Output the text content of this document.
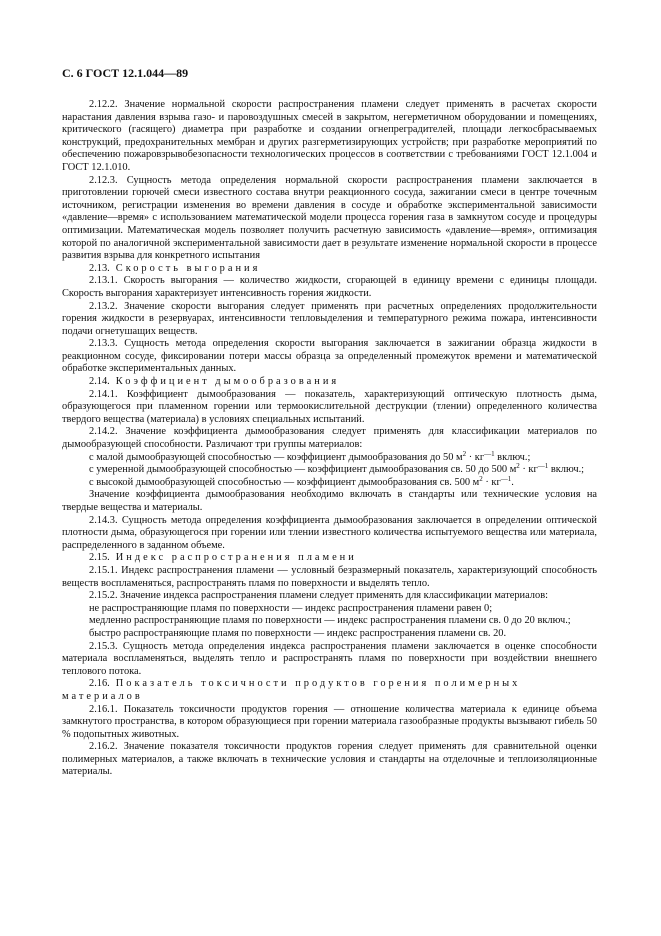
С. 6 ГОСТ 12.1.044—89

2.12.2. Значение нормальной скорости распространения пламени следует применять в расчетах скорости нарастания давления взрыва газо- и паровоздушных смесей в закрытом, негерметичном оборудовании и помещениях, критического (гасящего) диаметра при разработке и создании огнепреградителей, площади легкосбрасываемых конструкций, предохранительных мембран и других разгерметизирующих устройств; при разработке мероприятий по обеспечению пожаровзрывобезопасности технологических процессов в соответствии с требованиями ГОСТ 12.1.004 и ГОСТ 12.1.010.

2.12.3. Сущность метода определения нормальной скорости распространения пламени заключается в приготовлении горючей смеси известного состава внутри реакционного сосуда, зажигании смеси в центре точечным источником, регистрации изменения во времени давления в сосуде и обработке экспериментальной зависимости «давление—время» с использованием математической модели процесса горения газа в замкнутом сосуде и процедуры оптимизации. Математическая модель позволяет получить расчетную зависимость «давление—время», оптимизация которой по аналогичной экспериментальной зависимости дает в результате изменение нормальной скорости в процессе развития взрыва для конкретного испытания

2.13. Скорость выгорания

2.13.1. Скорость выгорания — количество жидкости, сгорающей в единицу времени с единицы площади. Скорость выгорания характеризует интенсивность горения жидкости.

2.13.2. Значение скорости выгорания следует применять при расчетных определениях продолжительности горения жидкости в резервуарах, интенсивности тепловыделения и температурного режима пожара, интенсивности подачи огнетушащих веществ.

2.13.3. Сущность метода определения скорости выгорания заключается в зажигании образца жидкости в реакционном сосуде, фиксировании потери массы образца за определенный промежуток времени и математической обработке экспериментальных данных.

2.14. Коэффициент дымообразования

2.14.1. Коэффициент дымообразования — показатель, характеризующий оптическую плотность дыма, образующегося при пламенном горении или термоокислительной деструкции (тлении) определенного количества твердого вещества (материала) в условиях специальных испытаний.

2.14.2. Значение коэффициента дымообразования следует применять для классификации материалов по дымообразующей способности. Различают три группы материалов:

с малой дымообразующей способностью — коэффициент дымообразования до 50 $м^2 \cdot кг^{—1}$ включ.;

с умеренной дымообразующей способностью — коэффициент дымообразования св. 50 до 500 $м^2 \cdot кг^{—1}$ включ.;

с высокой дымообразующей способностью — коэффициент дымообразования св. 500 $м^2 \cdot кг^{—1}$.

Значение коэффициента дымообразования необходимо включать в стандарты или технические условия на твердые вещества и материалы.

2.14.3. Сущность метода определения коэффициента дымообразования заключается в определении оптической плотности дыма, образующегося при горении или тлении известного количества испытуемого вещества или материала, распределенного в заданном объеме.

2.15. Индекс распространения пламени

2.15.1. Индекс распространения пламени — условный безразмерный показатель, характеризующий способность веществ воспламеняться, распространять пламя по поверхности и выделять тепло.

2.15.2. Значение индекса распространения пламени следует применять для классификации материалов:

не распространяющие пламя по поверхности — индекс распространения пламени равен 0;

медленно распространяющие пламя по поверхности — индекс распространения пламени св. 0 до 20 включ.;

быстро распространяющие пламя по поверхности — индекс распространения пламени св. 20.

2.15.3. Сущность метода определения индекса распространения пламени заключается в оценке способности материала воспламеняться, выделять тепло и распространять пламя по поверхности при воздействии внешнего теплового потока.

2.16. Показатель токсичности продуктов горения полимерных материалов

2.16.1. Показатель токсичности продуктов горения — отношение количества материала к единице объема замкнутого пространства, в котором образующиеся при горении материала газообразные продукты вызывают гибель 50 % подопытных животных.

2.16.2. Значение показателя токсичности продуктов горения следует применять для сравнительной оценки полимерных материалов, а также включать в технические условия и стандарты на отделочные и теплоизоляционные материалы.
